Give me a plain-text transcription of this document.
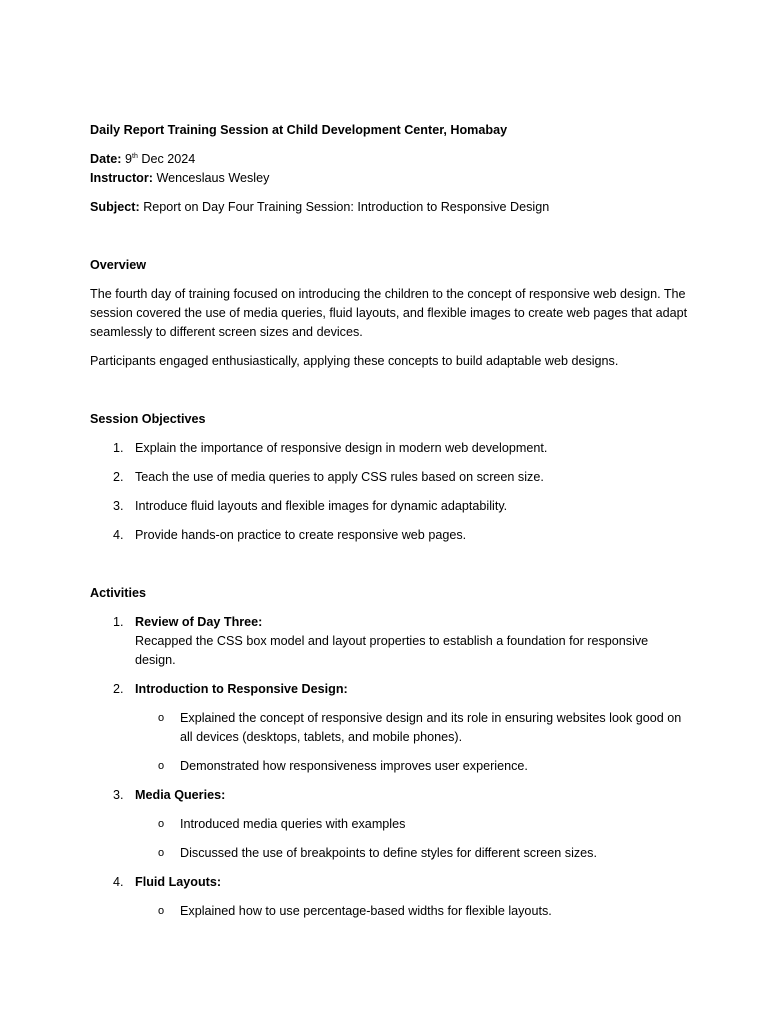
Daily Report Training Session at Child Development Center, Homabay

Date: 9th Dec 2024

Instructor: Wenceslaus Wesley

Subject: Report on Day Four Training Session: Introduction to Responsive Design

Overview

The fourth day of training focused on introducing the children to the concept of responsive web design. The session covered the use of media queries, fluid layouts, and flexible images to create web pages that adapt seamlessly to different screen sizes and devices.

Participants engaged enthusiastically, applying these concepts to build adaptable web designs.

Session Objectives

1. Explain the importance of responsive design in modern web development.
2. Teach the use of media queries to apply CSS rules based on screen size.
3. Introduce fluid layouts and flexible images for dynamic adaptability.
4. Provide hands-on practice to create responsive web pages.

Activities

1. Review of Day Three:
Recapped the CSS box model and layout properties to establish a foundation for responsive design.
2. Introduction to Responsive Design:
o Explained the concept of responsive design and its role in ensuring websites look good on all devices (desktops, tablets, and mobile phones).
o Demonstrated how responsiveness improves user experience.
3. Media Queries:
o Introduced media queries with examples
o Discussed the use of breakpoints to define styles for different screen sizes.
4. Fluid Layouts:
o Explained how to use percentage-based widths for flexible layouts.
